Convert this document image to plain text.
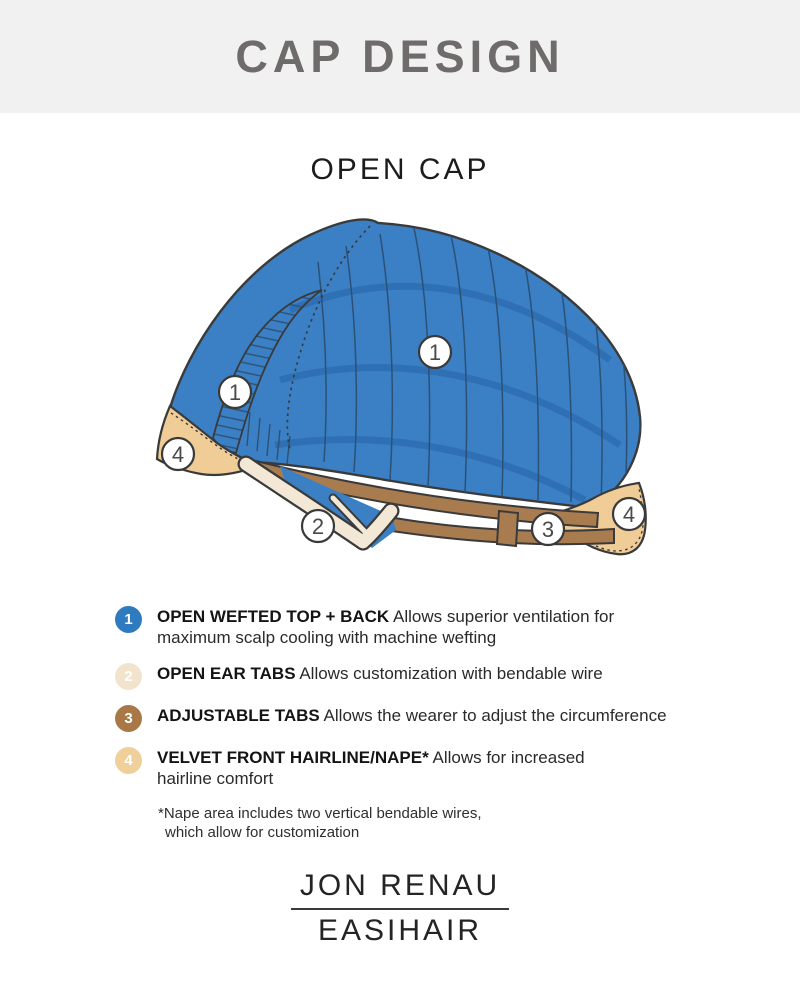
CAP DESIGN
OPEN CAP
1
1
4
2	3
4
1	OPEN WEFTED TOP + BACK Allows superior ventilation for maximum scalp cooling with machine wefting
2	OPEN EAR TABS Allows customization with bendable wire
3	ADJUSTABLE TABS Allows the wearer to adjust the circumference
4	VELVET FRONT HAIRLINE/NAPE* Allows for increased hairline comfort
*Nape area includes two vertical bendable wires,
which allow for customization
JON RENAU
EASIHAIR
